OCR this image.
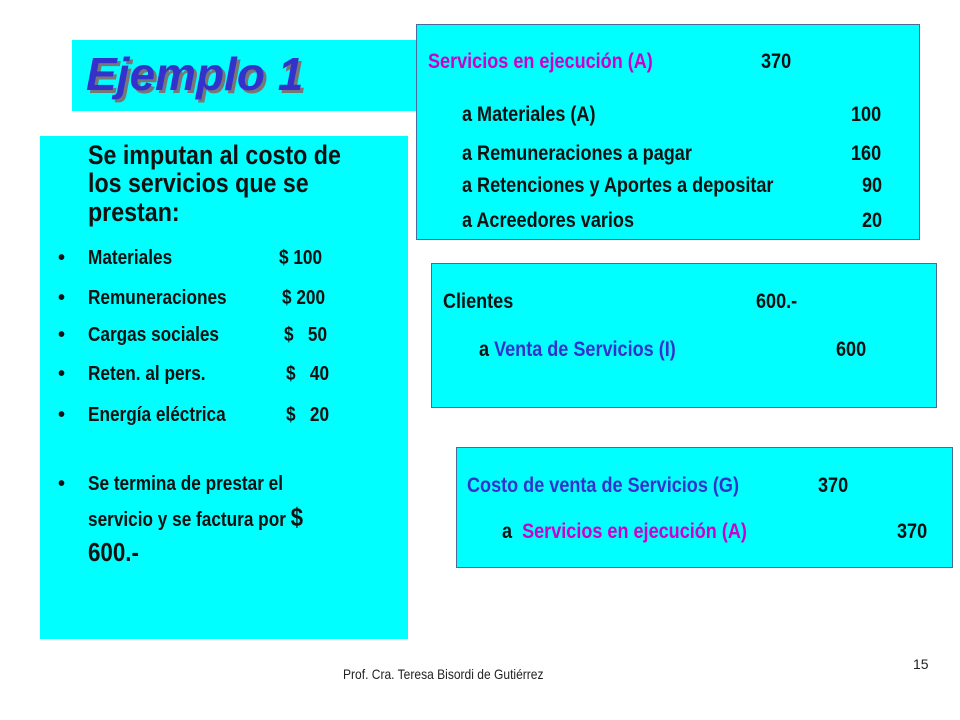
Ejemplo 1
Se imputan al costo de
los servicios que se
prestan:
• Materiales	$ 100
• Remuneraciones	$ 200
• Cargas sociales	$   50
• Reten. al pers.	$   40
• Energía eléctrica	$   20
• Se termina de prestar el
servicio y se factura por $
600.-
Servicios en ejecución (A)	370
a Materiales (A)	100
a Remuneraciones a pagar	160
a Retenciones y Aportes a depositar	90
a Acreedores varios	20
Clientes	600.-
a Venta de Servicios (I)	600
Costo de venta de Servicios (G)	370
a Servicios en ejecución (A)	370
Prof. Cra. Teresa Bisordi de Gutiérrez
15
